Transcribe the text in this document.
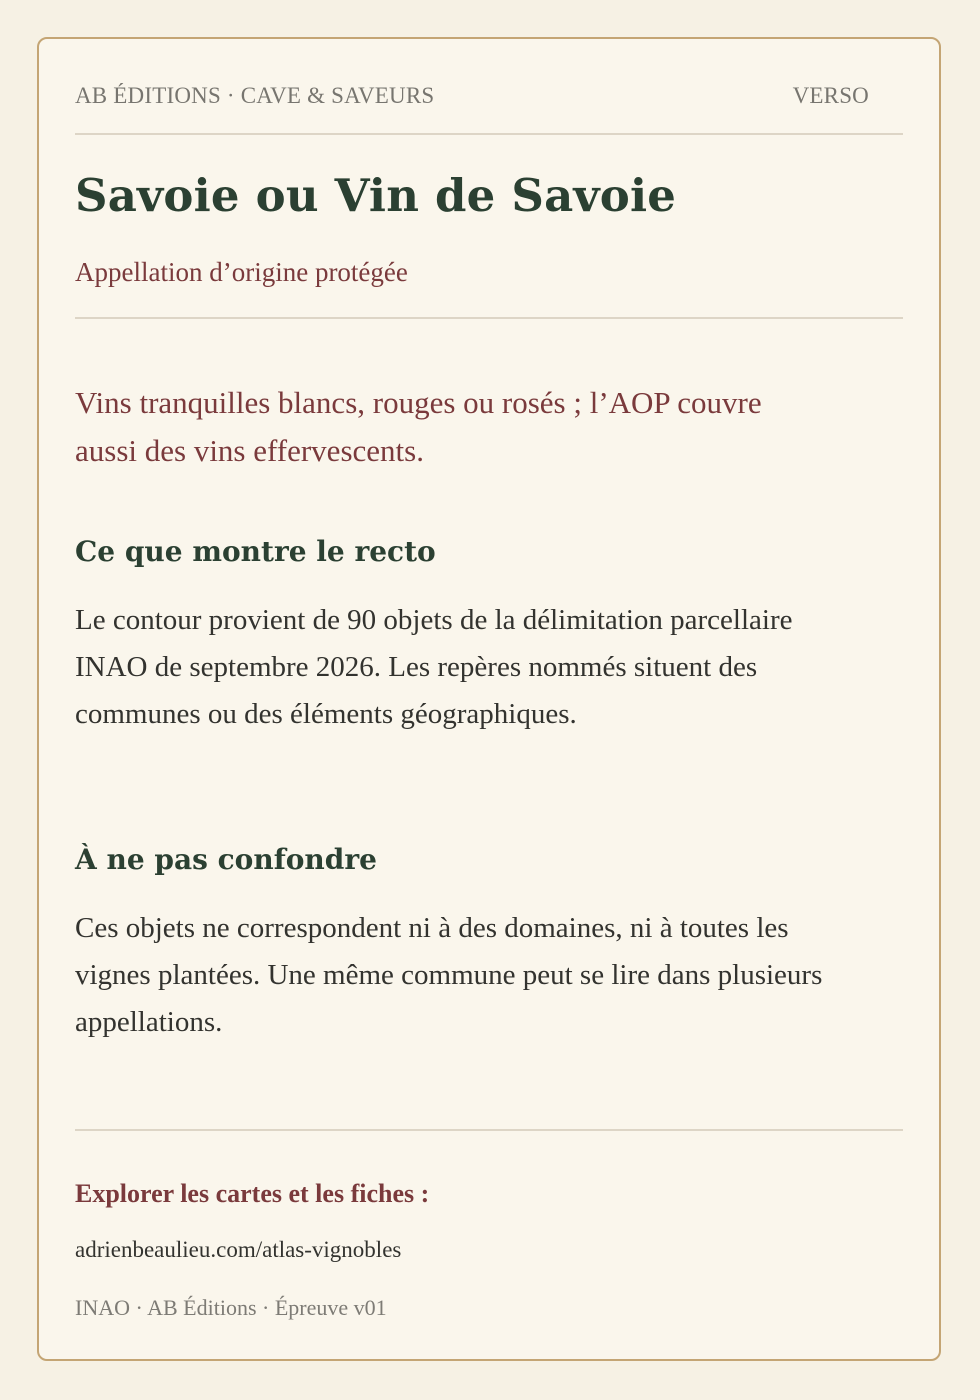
AB ÉDITIONS · CAVE & SAVEURS	VERSO
Savoie ou Vin de Savoie
Appellation d’origine protégée
Vins tranquilles blancs, rouges ou rosés ; l’AOP couvre aussi des vins effervescents.
Ce que montre le recto
Le contour provient de 90 objets de la délimitation parcellaire INAO de septembre 2026. Les repères nommés situent des communes ou des éléments géographiques.
À ne pas confondre
Ces objets ne correspondent ni à des domaines, ni à toutes les vignes plantées. Une même commune peut se lire dans plusieurs appellations.
Explorer les cartes et les fiches :
adrienbeaulieu.com/atlas-vignobles
INAO · AB Éditions · Épreuve v01
